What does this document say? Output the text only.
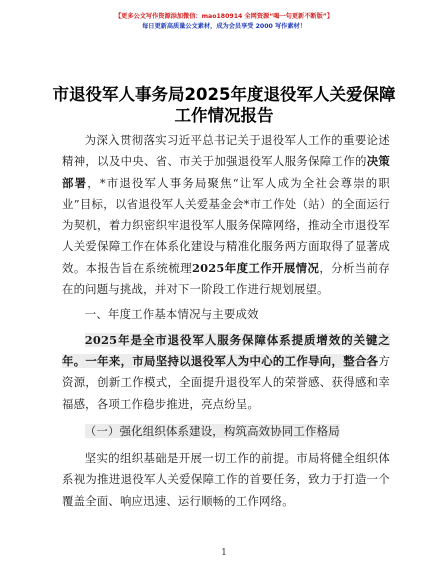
【更多公文写作资源添加微信：mao180914 全网资源“喝一句更新不断版”】
每日更新高质量公文素材，成为会员享受 2000 写作素材！
市退役军人事务局2025年度退役军人关爱保障
工作情况报告

为深入贯彻落实习近平总书记关于退役军人工作的重要论述精神，以及中央、省、市关于加强退役军人服务保障工作的决策部署，*市退役军人事务局聚焦“让军人成为全社会尊崇的职业”目标，以省退役军人关爱基金会*市工作处（站）的全面运行为契机，着力织密织牢退役军人服务保障网络，推动全市退役军人关爱保障工作在体系化建设与精准化服务两方面取得了显著成效。本报告旨在系统梳理2025年度工作开展情况，分析当前存在的问题与挑战，并对下一阶段工作进行规划展望。

一、年度工作基本情况与主要成效

2025年是全市退役军人服务保障体系提质增效的关键之年。一年来，市局坚持以退役军人为中心的工作导向，整合各方资源，创新工作模式，全面提升退役军人的荣誉感、获得感和幸福感，各项工作稳步推进，亮点纷呈。

（一）强化组织体系建设，构筑高效协同工作格局

坚实的组织基础是开展一切工作的前提。市局将健全组织体系视为推进退役军人关爱保障工作的首要任务，致力于打造一个覆盖全面、响应迅速、运行顺畅的工作网络。

1
